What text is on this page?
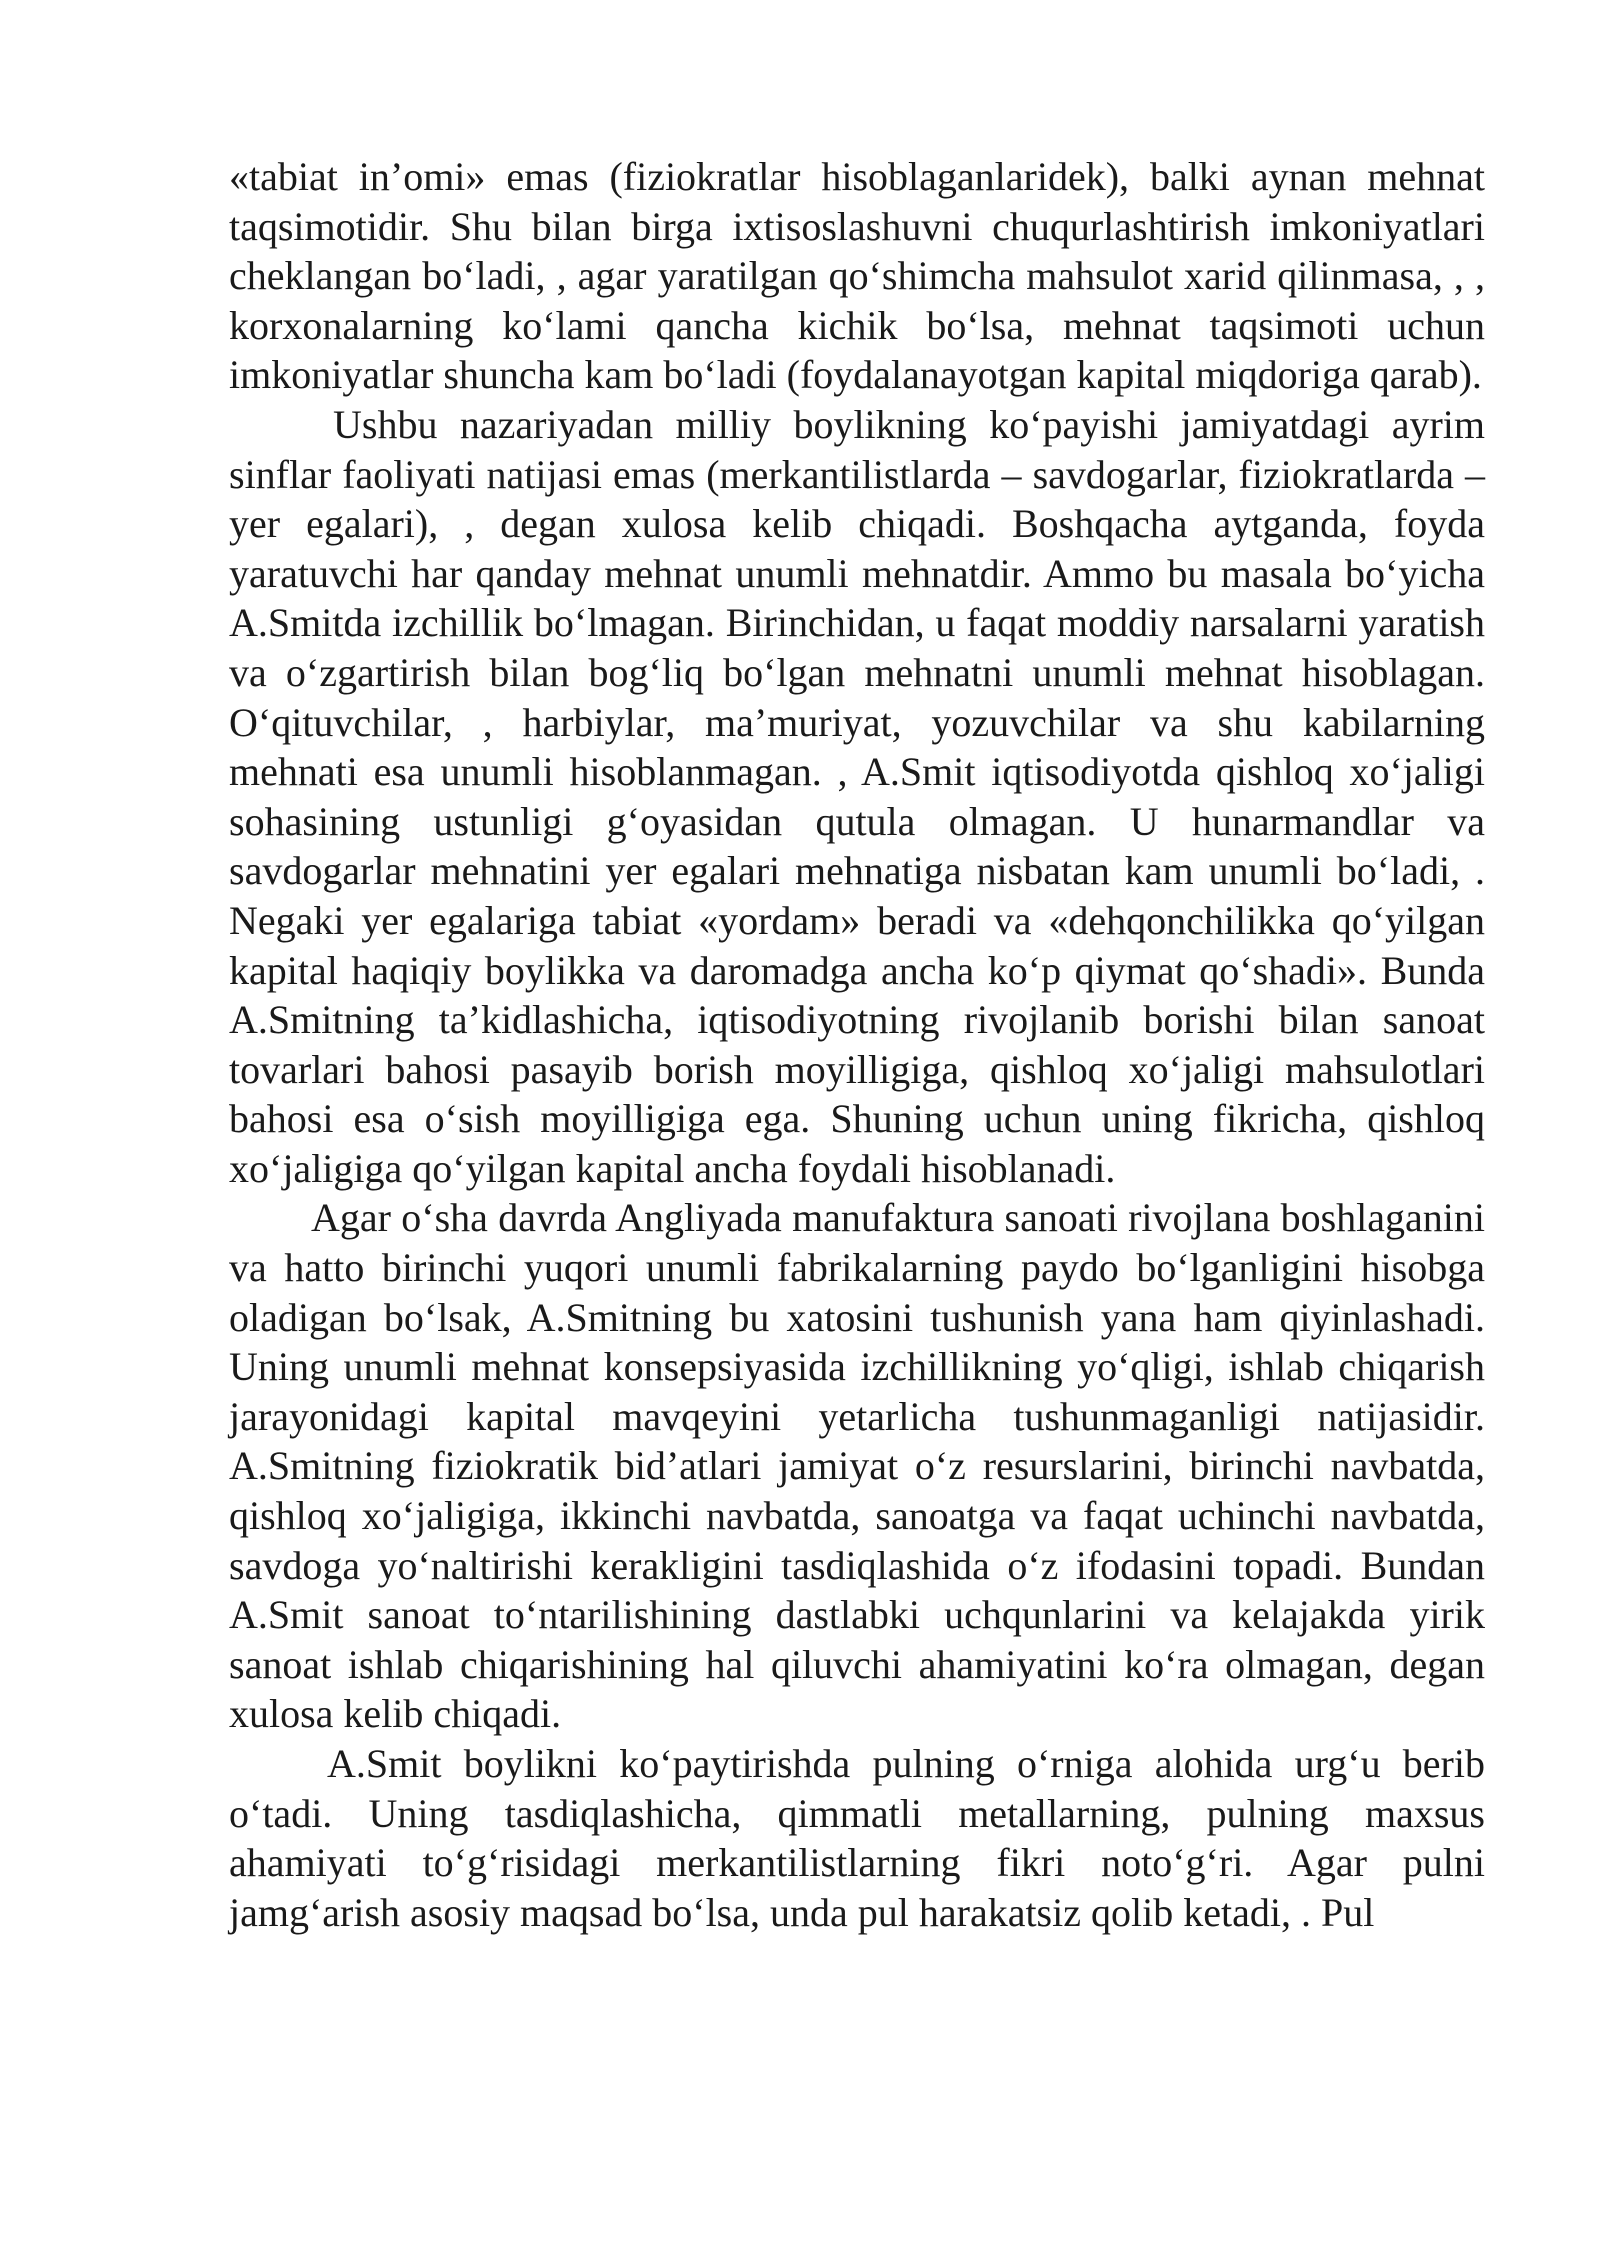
«tabiat in’omi» emas (fiziokratlar hisoblaganlaridek), balki aynan mehnat taqsimotidir. Shu bilan birga ixtisoslashuvni chuqurlashtirish imkoniyatlari cheklangan bo‘ladi, , agar yaratilgan qo‘shimcha mahsulot xarid qilinmasa, , , korxonalarning ko‘lami qancha kichik bo‘lsa, mehnat taqsimoti uchun imkoniyatlar shuncha kam bo‘ladi (foydalanayotgan kapital miqdoriga qarab).

Ushbu nazariyadan milliy boylikning ko‘payishi jamiyatdagi ayrim sinflar faoliyati natijasi emas (merkantilistlarda – savdogarlar, fiziokratlarda – yer egalari), , degan xulosa kelib chiqadi. Boshqacha aytganda, foyda yaratuvchi har qanday mehnat unumli mehnatdir. Ammo bu masala bo‘yicha A.Smitda izchillik bo‘lmagan. Birinchidan, u faqat moddiy narsalarni yaratish va o‘zgartirish bilan bog‘liq bo‘lgan mehnatni unumli mehnat hisoblagan. O‘qituvchilar, , harbiylar, ma’muriyat, yozuvchilar va shu kabilarning mehnati esa unumli hisoblanmagan. , A.Smit iqtisodiyotda qishloq xo‘jaligi sohasining ustunligi g‘oyasidan qutula olmagan. U hunarmandlar va savdogarlar mehnatini yer egalari mehnatiga nisbatan kam unumli bo‘ladi, . Negaki yer egalariga tabiat «yordam» beradi va «dehqonchilikka qo‘yilgan kapital haqiqiy boylikka va daromadga ancha ko‘p qiymat qo‘shadi». Bunda A.Smitning ta’kidlashicha, iqtisodiyotning rivojlanib borishi bilan sanoat tovarlari bahosi pasayib borish moyilligiga, qishloq xo‘jaligi mahsulotlari bahosi esa o‘sish moyilligiga ega. Shuning uchun uning fikricha, qishloq xo‘jaligiga qo‘yilgan kapital ancha foydali hisoblanadi.

Agar o‘sha davrda Angliyada manufaktura sanoati rivojlana boshlaganini va hatto birinchi yuqori unumli fabrikalarning paydo bo‘lganligini hisobga oladigan bo‘lsak, A.Smitning bu xatosini tushunish yana ham qiyinlashadi. Uning unumli mehnat konsepsiyasida izchillikning yo‘qligi, ishlab chiqarish jarayonidagi kapital mavqeyini yetarlicha tushunmaganligi natijasidir. A.Smitning fiziokratik bid’atlari jamiyat o‘z resurslarini, birinchi navbatda, qishloq xo‘jaligiga, ikkinchi navbatda, sanoatga va faqat uchinchi navbatda, savdoga yo‘naltirishi kerakligini tasdiqlashida o‘z ifodasini topadi. Bundan A.Smit sanoat to‘ntarilishining dastlabki uchqunlarini va kelajakda yirik sanoat ishlab chiqarishining hal qiluvchi ahamiyatini ko‘ra olmagan, degan xulosa kelib chiqadi.

A.Smit boylikni ko‘paytirishda pulning o‘rniga alohida urg‘u berib o‘tadi. Uning tasdiqlashicha, qimmatli metallarning, pulning maxsus ahamiyati to‘g‘risidagi merkantilistlarning fikri noto‘g‘ri. Agar pulni jamg‘arish asosiy maqsad bo‘lsa, unda pul harakatsiz qolib ketadi, . Pul
